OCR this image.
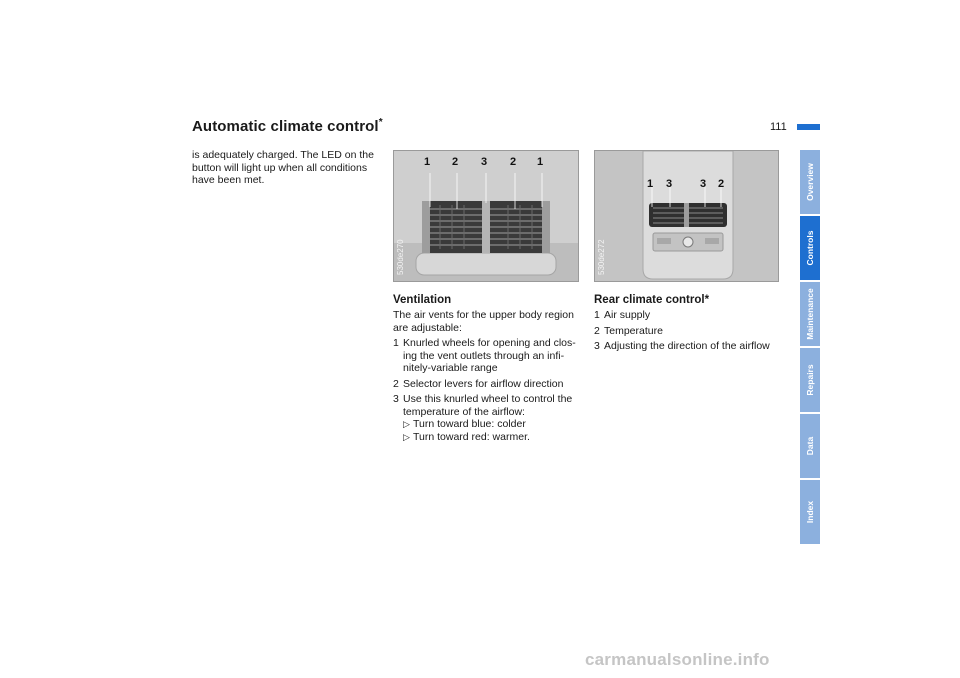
Automatic climate control*	111
is adequately charged. The LED on the button will light up when all conditions have been met.
1 2 3 2 1
530de270
1 3	3 2
530de272
Ventilation
The air vents for the upper body region are adjustable:
1 Knurled wheels for opening and clos-ing the vent outlets through an infi-nitely-variable range
2 Selector levers for airflow direction
3 Use this knurled wheel to control the temperature of the airflow:
▷ Turn toward blue: colder
▷ Turn toward red: warmer.
Rear climate control*
1 Air supply
2 Temperature
3 Adjusting the direction of the airflow
Overview
Controls
Maintenance
Repairs
Data
Index
carmanualsonline.info
